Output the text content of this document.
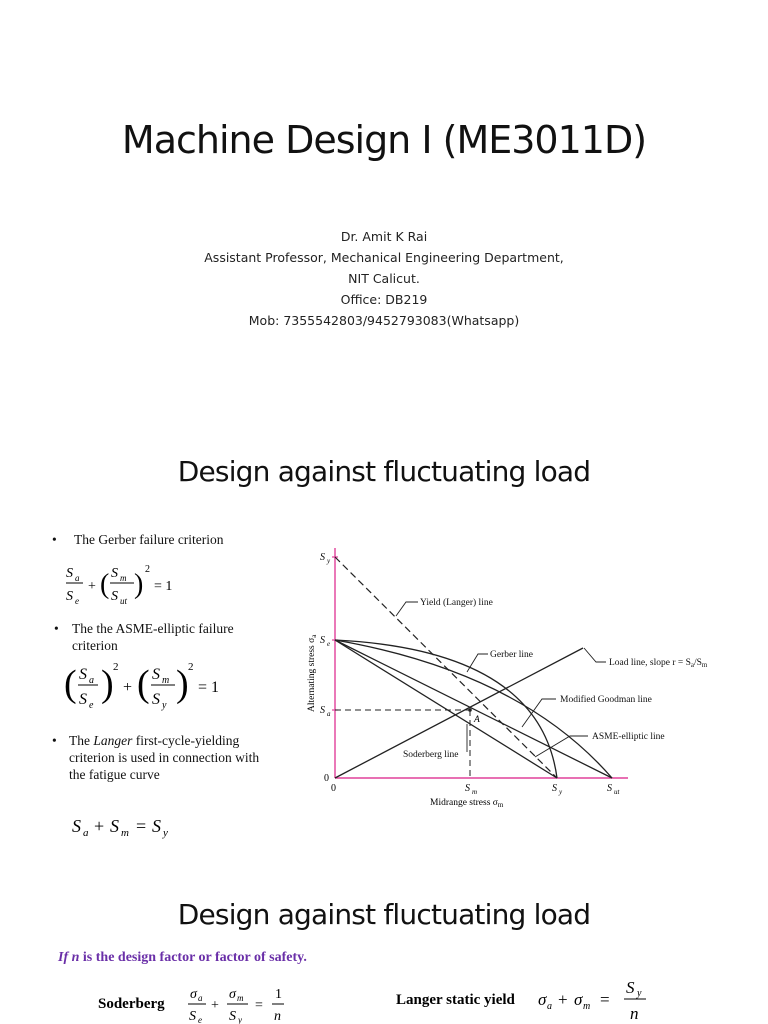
Machine Design I (ME3011D)
Dr. Amit K Rai
Assistant Professor, Mechanical Engineering Department,
NIT Calicut.
Office: DB219
Mob: 7355542803/9452793083(Whatsapp)
Design against fluctuating load
• The Gerber failure criterion
S a
S e
+ ( S m
S ut
) 2
= 1
• The the ASME-elliptic failure
criterion
( S a
S e
) 2
+ ( S m
S y
) 2
= 1
• The Langer first-cycle-yielding
criterion is used in connection with
the fatigue curve
S a + S m = S y
A
S y
S e
S a
0
0	S m	S y	S ut
Midrange stress $\sigma_m$
Alternating stress $\sigma_a$
Yield (Langer) line
Gerber line
Load line, slope $r = S_a/S_m$
Modified Goodman line
ASME-elliptic line
Soderberg line
Design against fluctuating load
If n is the design factor or factor of safety.
Soderberg
σ a
S e
+
σ m
S y
=
1
n
Langer static yield σ a + σ m =
S y
n
